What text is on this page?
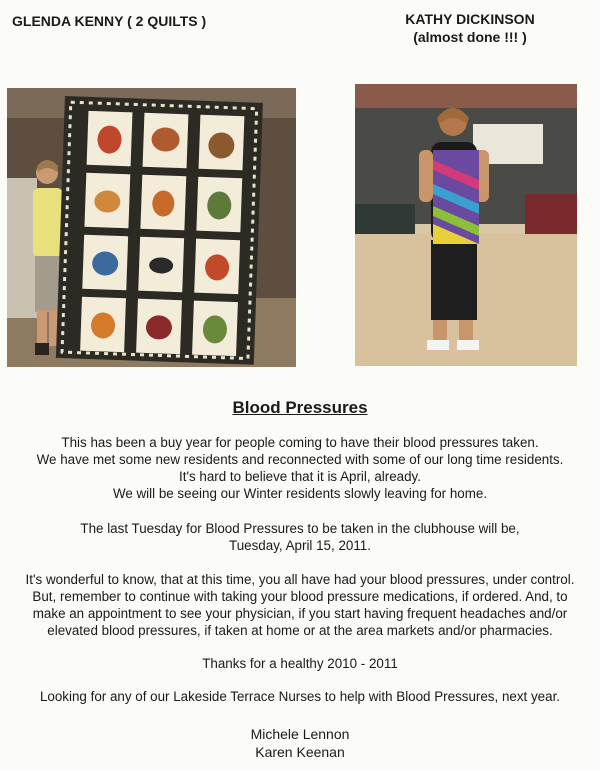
GLENDA KENNY ( 2 QUILTS )	KATHY DICKINSON
(almost done !!! )
Blood Pressures
This has been a buy year for people coming to have their blood pressures taken.
We have met some new residents and reconnected with some of our long time residents.
It's hard to believe that it is April, already.
We will be seeing our Winter residents slowly leaving for home.
The last Tuesday for Blood Pressures to be taken in the clubhouse will be,
Tuesday, April 15, 2011.
It's wonderful to know, that at this time, you all have had your blood pressures, under control.
But, remember to continue with taking your blood pressure medications, if ordered. And, to
make an appointment to see your physician, if you start having frequent headaches and/or
elevated blood pressures, if taken at home or at the area markets and/or pharmacies.
Thanks for a healthy 2010 - 2011
Looking for any of our Lakeside Terrace Nurses to help with Blood Pressures, next year.
Michele Lennon
Karen Keenan
